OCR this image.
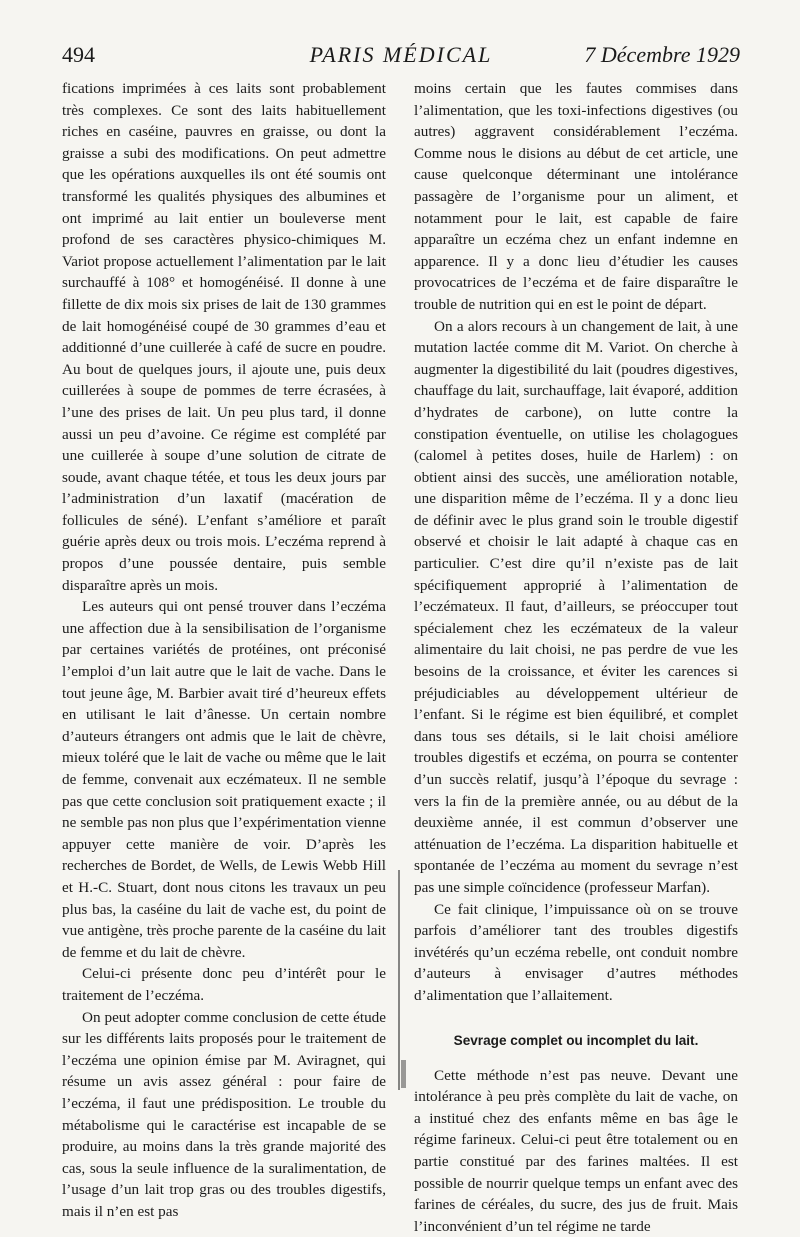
494	PARIS MÉDICAL	7 Décembre 1929

fications imprimées à ces laits sont probablement très complexes. Ce sont des laits habituellement riches en caséine, pauvres en graisse, ou dont la graisse a subi des modifications. On peut admettre que les opérations auxquelles ils ont été soumis ont transformé les qualités physiques des albumines et ont imprimé au lait entier un bouleverse ment profond de ses caractères physico-chimiques M. Variot propose actuellement l’alimentation par le lait surchauffé à 108° et homogénéisé. Il donne à une fillette de dix mois six prises de lait de 130 grammes de lait homogénéisé coupé de 30 grammes d’eau et additionné d’une cuillerée à café de sucre en poudre. Au bout de quelques jours, il ajoute une, puis deux cuillerées à soupe de pommes de terre écrasées, à l’une des prises de lait. Un peu plus tard, il donne aussi un peu d’avoine. Ce régime est complété par une cuillerée à soupe d’une solution de citrate de soude, avant chaque tétée, et tous les deux jours par l’administration d’un laxatif (macération de follicules de séné). L’enfant s’améliore et paraît guérie après deux ou trois mois. L’eczéma reprend à propos d’une poussée dentaire, puis semble disparaître après un mois.

Les auteurs qui ont pensé trouver dans l’eczéma une affection due à la sensibilisation de l’organisme par certaines variétés de protéines, ont préconisé l’emploi d’un lait autre que le lait de vache. Dans le tout jeune âge, M. Barbier avait tiré d’heureux effets en utilisant le lait d’ânesse. Un certain nombre d’auteurs étrangers ont admis que le lait de chèvre, mieux toléré que le lait de vache ou même que le lait de femme, convenait aux eczémateux. Il ne semble pas que cette conclusion soit pratiquement exacte ; il ne semble pas non plus que l’expérimentation vienne appuyer cette manière de voir. D’après les recherches de Bordet, de Wells, de Lewis Webb Hill et H.-C. Stuart, dont nous citons les travaux un peu plus bas, la caséine du lait de vache est, du point de vue antigène, très proche parente de la caséine du lait de femme et du lait de chèvre.

Celui-ci présente donc peu d’intérêt pour le traitement de l’eczéma.

On peut adopter comme conclusion de cette étude sur les différents laits proposés pour le traitement de l’eczéma une opinion émise par M. Aviragnet, qui résume un avis assez général : pour faire de l’eczéma, il faut une prédisposition. Le trouble du métabolisme qui le caractérise est incapable de se produire, au moins dans la très grande majorité des cas, sous la seule influence de la suralimentation, de l’usage d’un lait trop gras ou des troubles digestifs, mais il n’en est pas

moins certain que les fautes commises dans l’alimentation, que les toxi-infections digestives (ou autres) aggravent considérablement l’eczéma. Comme nous le disions au début de cet article, une cause quelconque déterminant une intolérance passagère de l’organisme pour un aliment, et notamment pour le lait, est capable de faire apparaître un eczéma chez un enfant indemne en apparence. Il y a donc lieu d’étudier les causes provocatrices de l’eczéma et de faire disparaître le trouble de nutrition qui en est le point de départ.

On a alors recours à un changement de lait, à une mutation lactée comme dit M. Variot. On cherche à augmenter la digestibilité du lait (poudres digestives, chauffage du lait, surchauffage, lait évaporé, addition d’hydrates de carbone), on lutte contre la constipation éventuelle, on utilise les cholagogues (calomel à petites doses, huile de Harlem) : on obtient ainsi des succès, une amélioration notable, une disparition même de l’eczéma. Il y a donc lieu de définir avec le plus grand soin le trouble digestif observé et choisir le lait adapté à chaque cas en particulier. C’est dire qu’il n’existe pas de lait spécifiquement approprié à l’alimentation de l’eczémateux. Il faut, d’ailleurs, se préoccuper tout spécialement chez les eczémateux de la valeur alimentaire du lait choisi, ne pas perdre de vue les besoins de la croissance, et éviter les carences si préjudiciables au développement ultérieur de l’enfant. Si le régime est bien équilibré, et complet dans tous ses détails, si le lait choisi améliore troubles digestifs et eczéma, on pourra se contenter d’un succès relatif, jusqu’à l’époque du sevrage : vers la fin de la première année, ou au début de la deuxième année, il est commun d’observer une atténuation de l’eczéma. La disparition habituelle et spontanée de l’eczéma au moment du sevrage n’est pas une simple coïncidence (professeur Marfan).

Ce fait clinique, l’impuissance où on se trouve parfois d’améliorer tant des troubles digestifs invétérés qu’un eczéma rebelle, ont conduit nombre d’auteurs à envisager d’autres méthodes d’alimentation que l’allaitement.

Sevrage complet ou incomplet du lait.

Cette méthode n’est pas neuve. Devant une intolérance à peu près complète du lait de vache, on a institué chez des enfants même en bas âge le régime farineux. Celui-ci peut être totalement ou en partie constitué par des farines maltées. Il est possible de nourrir quelque temps un enfant avec des farines de céréales, du sucre, des jus de fruit. Mais l’inconvénient d’un tel régime ne tarde
